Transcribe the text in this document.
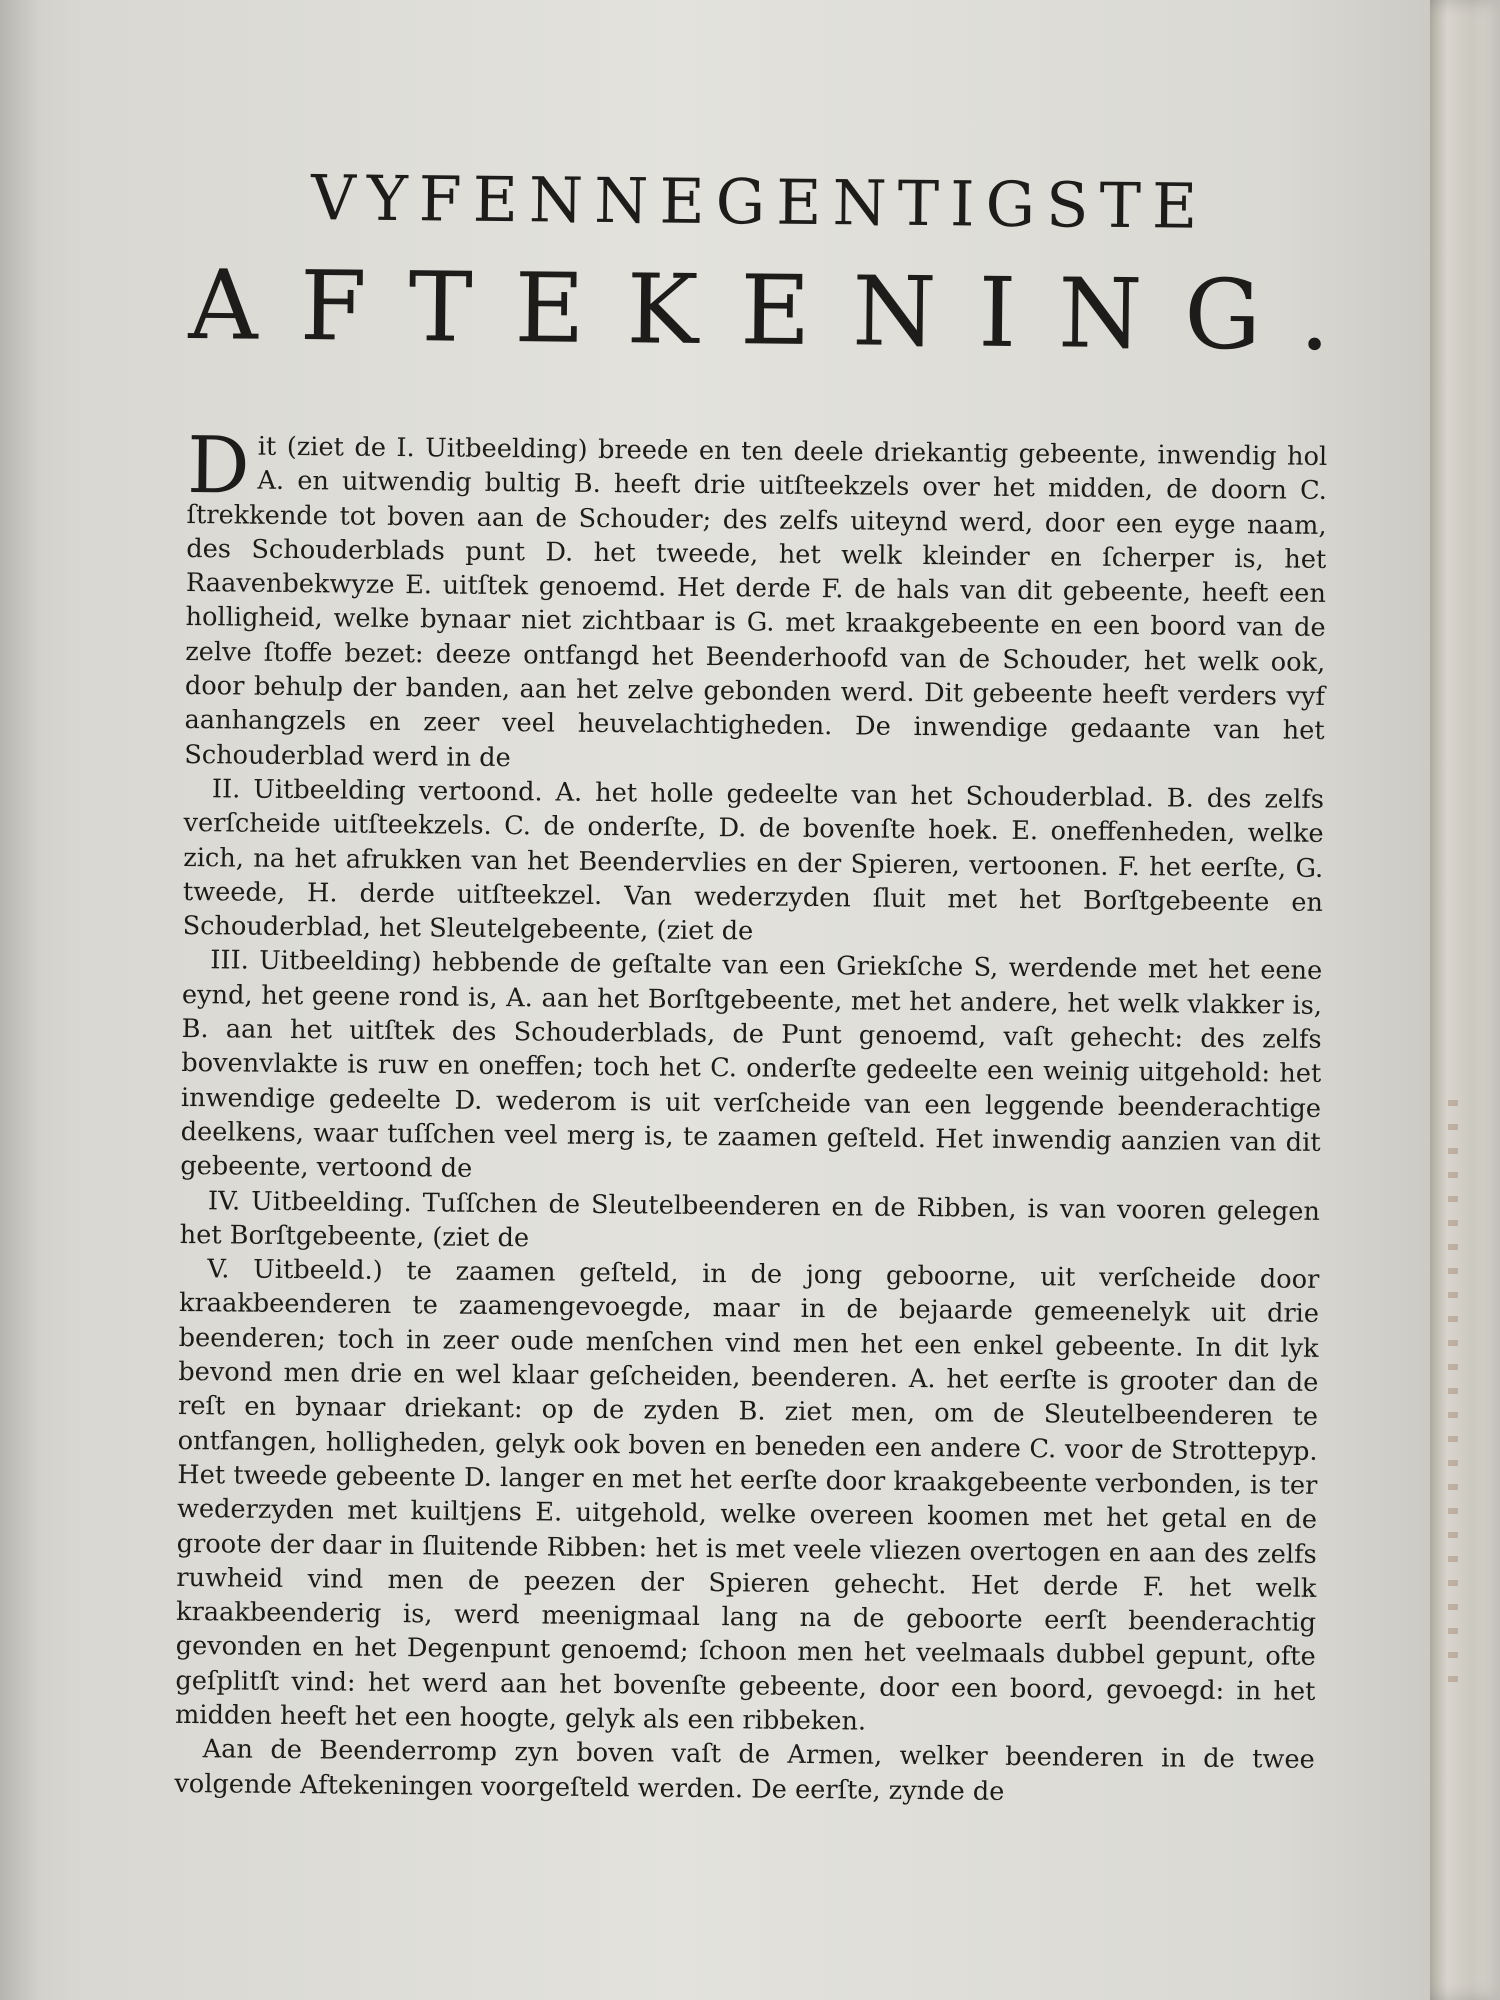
VYFENNEGENTIGSTE
AFTEKENING.

Dit (ziet de I. Uitbeelding) breede en ten deele driekantig gebeente, inwendig hol A. en uitwendig bultig B. heeft drie uitſteekzels over het midden, de doorn C. ſtrekkende tot boven aan de Schouder; des zelfs uiteynd werd, door een eyge naam, des Schouderblads punt D. het tweede, het welk kleinder en ſcherper is, het Raavenbekwyze E. uitſtek genoemd. Het derde F. de hals van dit gebeente, heeft een holligheid, welke bynaar niet zichtbaar is G. met kraakgebeente en een boord van de zelve ſtoffe bezet: deeze ontfangd het Beenderhoofd van de Schouder, het welk ook, door behulp der banden, aan het zelve gebonden werd. Dit gebeente heeft verders vyf aanhangzels en zeer veel heuvelachtigheden. De inwendige gedaante van het Schouderblad werd in de

II. Uitbeelding vertoond. A. het holle gedeelte van het Schouderblad. B. des zelfs verſcheide uitſteekzels. C. de onderſte, D. de bovenſte hoek. E. oneffenheden, welke zich, na het afrukken van het Beendervlies en der Spieren, vertoonen. F. het eerſte, G. tweede, H. derde uitſteekzel. Van wederzyden ſluit met het Borſtgebeente en Schouderblad, het Sleutelgebeente, (ziet de

III. Uitbeelding) hebbende de geſtalte van een Griekſche S, werdende met het eene eynd, het geene rond is, A. aan het Borſtgebeente, met het andere, het welk vlakker is, B. aan het uitſtek des Schouderblads, de Punt genoemd, vaſt gehecht: des zelfs bovenvlakte is ruw en oneffen; toch het C. onderſte gedeelte een weinig uitgehold: het inwendige gedeelte D. wederom is uit verſcheide van een leggende beenderachtige deelkens, waar tuſſchen veel merg is, te zaamen geſteld. Het inwendig aanzien van dit gebeente, vertoond de

IV. Uitbeelding. Tuſſchen de Sleutelbeenderen en de Ribben, is van vooren gelegen het Borſtgebeente, (ziet de

V. Uitbeeld.) te zaamen geſteld, in de jong geboorne, uit verſcheide door kraakbeenderen te zaamengevoegde, maar in de bejaarde gemeenelyk uit drie beenderen; toch in zeer oude menſchen vind men het een enkel gebeente. In dit lyk bevond men drie en wel klaar geſcheiden, beenderen. A. het eerſte is grooter dan de reſt en bynaar driekant: op de zyden B. ziet men, om de Sleutelbeenderen te ontfangen, holligheden, gelyk ook boven en beneden een andere C. voor de Strottepyp. Het tweede gebeente D. langer en met het eerſte door kraakgebeente verbonden, is ter wederzyden met kuiltjens E. uitgehold, welke overeen koomen met het getal en de groote der daar in ſluitende Ribben: het is met veele vliezen overtogen en aan des zelfs ruwheid vind men de peezen der Spieren gehecht. Het derde F. het welk kraakbeenderig is, werd meenigmaal lang na de geboorte eerſt beenderachtig gevonden en het Degenpunt genoemd; ſchoon men het veelmaals dubbel gepunt, ofte geſplitſt vind: het werd aan het bovenſte gebeente, door een boord, gevoegd: in het midden heeft het een hoogte, gelyk als een ribbeken.

Aan de Beenderromp zyn boven vaſt de Armen, welker beenderen in de twee volgende Aftekeningen voorgeſteld werden. De eerſte, zynde de
